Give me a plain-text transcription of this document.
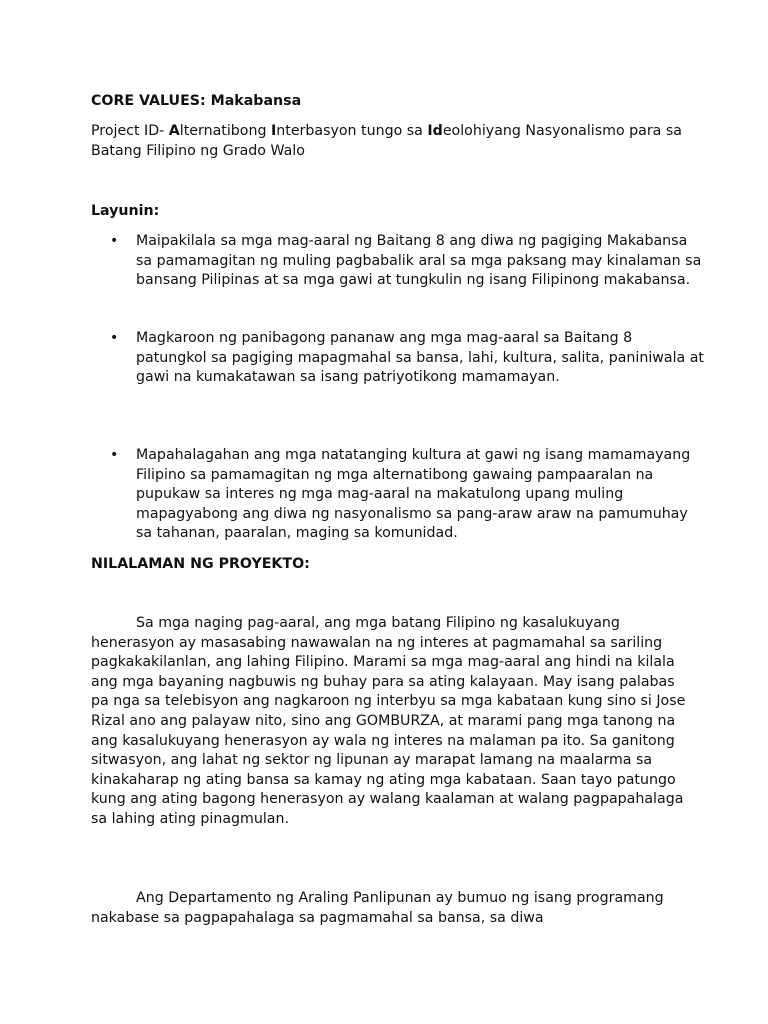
CORE VALUES: Makabansa

Project ID- Alternatibong Interbasyon tungo sa Ideolohiyang Nasyonalismo para sa Batang Filipino ng Grado Walo

Layunin:

• Maipakilala sa mga mag-aaral ng Baitang 8 ang diwa ng pagiging Makabansa sa pamamagitan ng muling pagbabalik aral sa mga paksang may kinalaman sa bansang Pilipinas at sa mga gawi at tungkulin ng isang Filipinong makabansa.
• Magkaroon ng panibagong pananaw ang mga mag-aaral sa Baitang 8 patungkol sa pagiging mapagmahal sa bansa, lahi, kultura, salita, paniniwala at gawi na kumakatawan sa isang patriyotikong mamamayan.
• Mapahalagahan ang mga natatanging kultura at gawi ng isang mamamayang Filipino sa pamamagitan ng mga alternatibong gawaing pampaaralan na pupukaw sa interes ng mga mag-aaral na makatulong upang muling mapagyabong ang diwa ng nasyonalismo sa pang-araw araw na pamumuhay sa tahanan, paaralan, maging sa komunidad.

NILALAMAN NG PROYEKTO:

Sa mga naging pag-aaral, ang mga batang Filipino ng kasalukuyang henerasyon ay masasabing nawawalan na ng interes at pagmamahal sa sariling pagkakakilanlan, ang lahing Filipino. Marami sa mga mag-aaral ang hindi na kilala ang mga bayaning nagbuwis ng buhay para sa ating kalayaan. May isang palabas pa nga sa telebisyon ang nagkaroon ng interbyu sa mga kabataan kung sino si Jose Rizal ano ang palayaw nito, sino ang GOMBURZA, at marami pang mga tanong na ang kasalukuyang henerasyon ay wala ng interes na malaman pa ito. Sa ganitong sitwasyon, ang lahat ng sektor ng lipunan ay marapat lamang na maalarma sa kinakaharap ng ating bansa sa kamay ng ating mga kabataan. Saan tayo patungo kung ang ating bagong henerasyon ay walang kaalaman at walang pagpapahalaga sa lahing ating pinagmulan.

Ang Departamento ng Araling Panlipunan ay bumuo ng isang programang nakabase sa pagpapahalaga sa pagmamahal sa bansa, sa diwa
